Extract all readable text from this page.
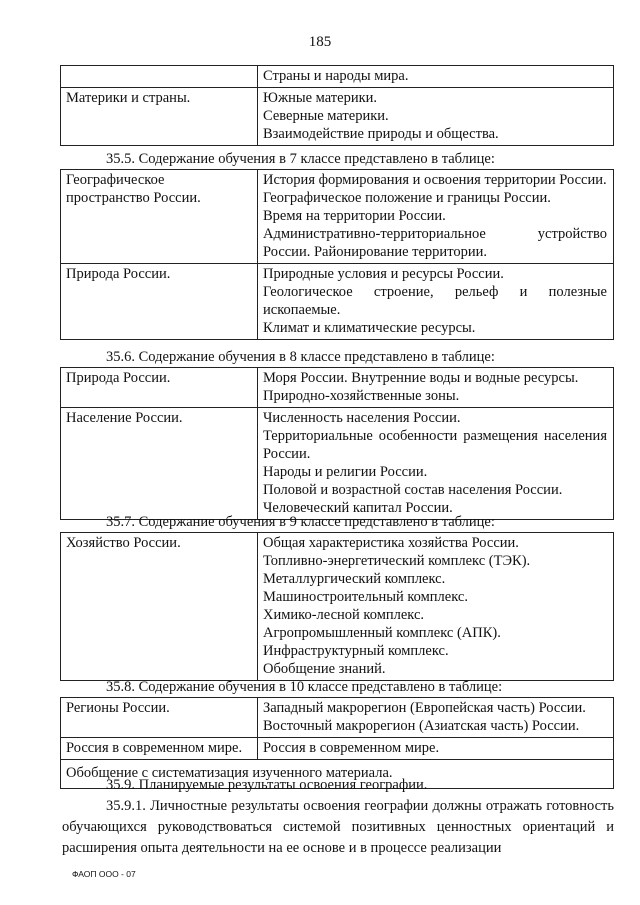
185

	Страны и народы мира.

Материки и страны.	Южные материки.
Северные материки.
Взаимодействие природы и общества.
35.5. Содержание обучения в 7 классе представлено в таблице:
Географическое пространство России.	История формирования и освоения территории России.
Географическое положение и границы России.
Время на территории России.
Административно-территориальное устройство России. Районирование территории.

Природа России.	Природные условия и ресурсы России.
Геологическое строение, рельеф и полезные ископаемые.
Климат и климатические ресурсы.
35.6. Содержание обучения в 8 классе представлено в таблице:
Природа России.	Моря России. Внутренние воды и водные ресурсы.
Природно-хозяйственные зоны.

Население России.	Численность населения России.
Территориальные особенности размещения населения России.
Народы и религии России.
Половой и возрастной состав населения России.
Человеческий капитал России.
35.7. Содержание обучения в 9 классе представлено в таблице:
Хозяйство России.	Общая характеристика хозяйства России.
Топливно-энергетический комплекс (ТЭК).
Металлургический комплекс.
Машиностроительный комплекс.
Химико-лесной комплекс.
Агропромышленный комплекс (АПК).
Инфраструктурный комплекс.
Обобщение знаний.
35.8. Содержание обучения в 10 классе представлено в таблице:
Регионы России.	Западный макрорегион (Европейская часть) России.
Восточный макрорегион (Азиатская часть) России.

Россия в современном мире.	Россия в современном мире.

Обобщение с систематизация изученного материала.	
35.9. Планируемые результаты освоения географии.
35.9.1. Личностные результаты освоения географии должны отражать готовность обучающихся руководствоваться системой позитивных ценностных ориентаций и расширения опыта деятельности на ее основе и в процессе реализации
ФАОП ООО - 07
